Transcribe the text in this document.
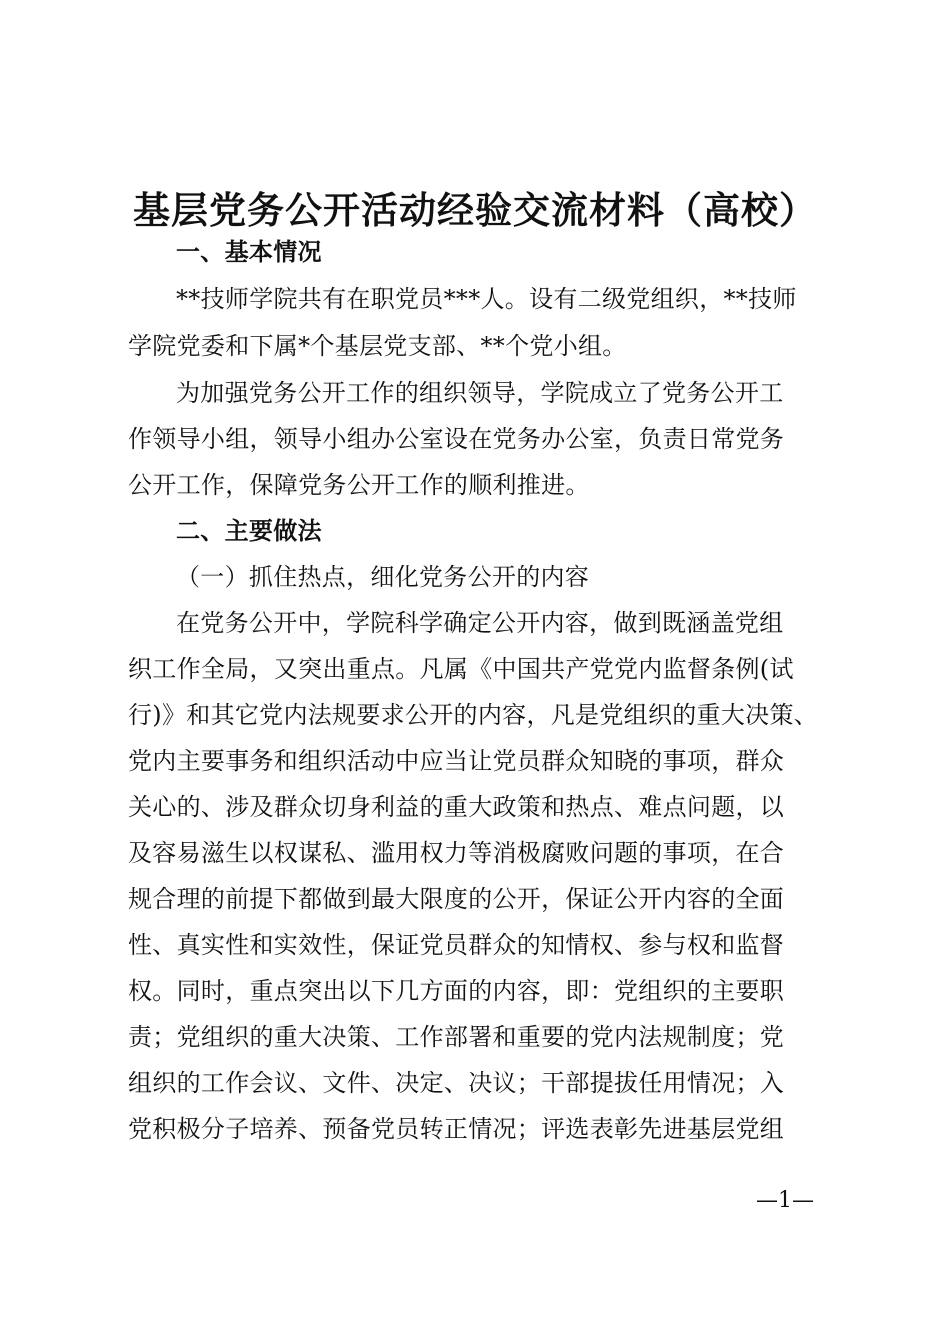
基层党务公开活动经验交流材料（高校）
一、基本情况
**技师学院共有在职党员***人。设有二级党组织，**技师
学院党委和下属*个基层党支部、**个党小组。
为加强党务公开工作的组织领导，学院成立了党务公开工
作领导小组，领导小组办公室设在党务办公室，负责日常党务
公开工作，保障党务公开工作的顺利推进。
二、主要做法
（一）抓住热点，细化党务公开的内容
在党务公开中，学院科学确定公开内容，做到既涵盖党组
织工作全局，又突出重点。凡属《中国共产党党内监督条例(试
行)》和其它党内法规要求公开的内容，凡是党组织的重大决策、
党内主要事务和组织活动中应当让党员群众知晓的事项，群众
关心的、涉及群众切身利益的重大政策和热点、难点问题，以
及容易滋生以权谋私、滥用权力等消极腐败问题的事项，在合
规合理的前提下都做到最大限度的公开，保证公开内容的全面
性、真实性和实效性，保证党员群众的知情权、参与权和监督
权。同时，重点突出以下几方面的内容，即：党组织的主要职
责；党组织的重大决策、工作部署和重要的党内法规制度；党
组织的工作会议、文件、决定、决议；干部提拔任用情况；入
党积极分子培养、预备党员转正情况；评选表彰先进基层党组
—1—
